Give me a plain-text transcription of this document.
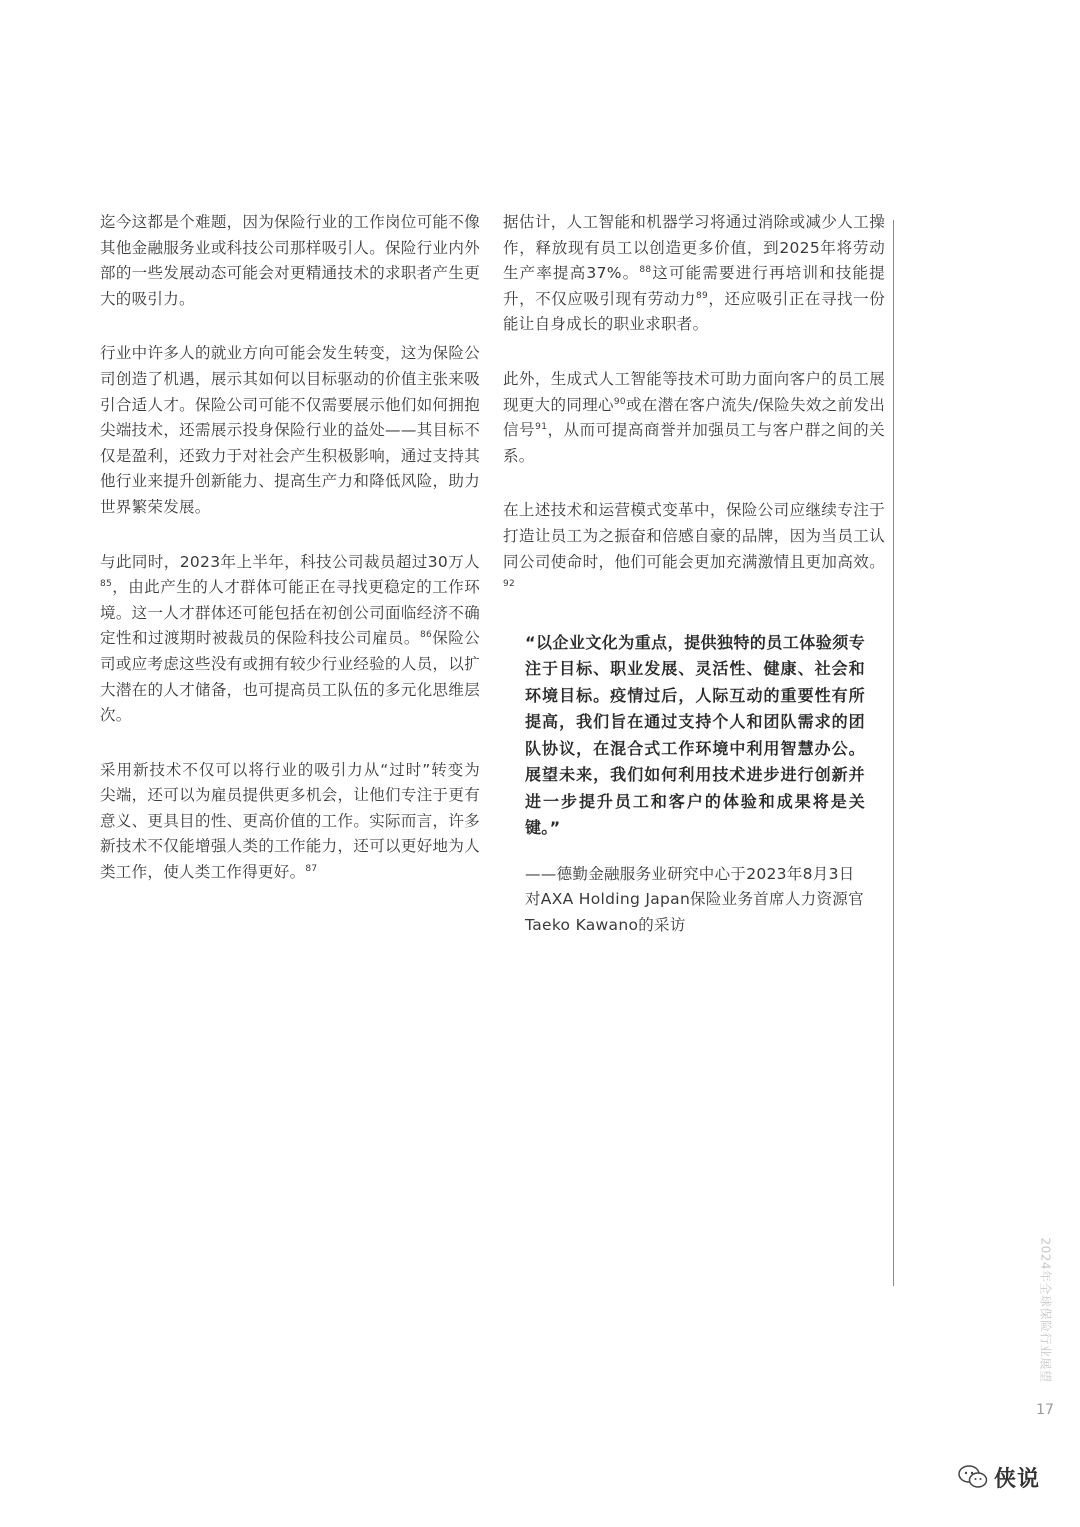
迄今这都是个难题，因为保险行业的工作岗位可能不像其他金融服务业或科技公司那样吸引人。保险行业内外部的一些发展动态可能会对更精通技术的求职者产生更大的吸引力。

行业中许多人的就业方向可能会发生转变，这为保险公司创造了机遇，展示其如何以目标驱动的价值主张来吸引合适人才。保险公司可能不仅需要展示他们如何拥抱尖端技术，还需展示投身保险行业的益处——其目标不仅是盈利，还致力于对社会产生积极影响，通过支持其他行业来提升创新能力、提高生产力和降低风险，助力世界繁荣发展。

与此同时，2023年上半年，科技公司裁员超过30万人$^{85}$，由此产生的人才群体可能正在寻找更稳定的工作环境。这一人才群体还可能包括在初创公司面临经济不确定性和过渡期时被裁员的保险科技公司雇员。$^{86}$保险公司或应考虑这些没有或拥有较少行业经验的人员，以扩大潜在的人才储备，也可提高员工队伍的多元化思维层次。

采用新技术不仅可以将行业的吸引力从“过时”转变为尖端，还可以为雇员提供更多机会，让他们专注于更有意义、更具目的性、更高价值的工作。实际而言，许多新技术不仅能增强人类的工作能力，还可以更好地为人类工作，使人类工作得更好。$^{87}$

据估计，人工智能和机器学习将通过消除或减少人工操作，释放现有员工以创造更多价值，到2025年将劳动生产率提高37%。$^{88}$这可能需要进行再培训和技能提升，不仅应吸引现有劳动力$^{89}$，还应吸引正在寻找一份能让自身成长的职业求职者。

此外，生成式人工智能等技术可助力面向客户的员工展现更大的同理心$^{90}$或在潜在客户流失/保险失效之前发出信号$^{91}$，从而可提高商誉并加强员工与客户群之间的关系。

在上述技术和运营模式变革中，保险公司应继续专注于打造让员工为之振奋和倍感自豪的品牌，因为当员工认同公司使命时，他们可能会更加充满激情且更加高效。$^{92}$

“以企业文化为重点，提供独特的员工体验须专注于目标、职业发展、灵活性、健康、社会和环境目标。疫情过后，人际互动的重要性有所提高，我们旨在通过支持个人和团队需求的团队协议，在混合式工作环境中利用智慧办公。展望未来，我们如何利用技术进步进行创新并进一步提升员工和客户的体验和成果将是关键。”
——德勤金融服务业研究中心于2023年8月3日对AXA Holding Japan保险业务首席人力资源官Taeko Kawano的采访
2024年全球保险行业展望
17
侠说
